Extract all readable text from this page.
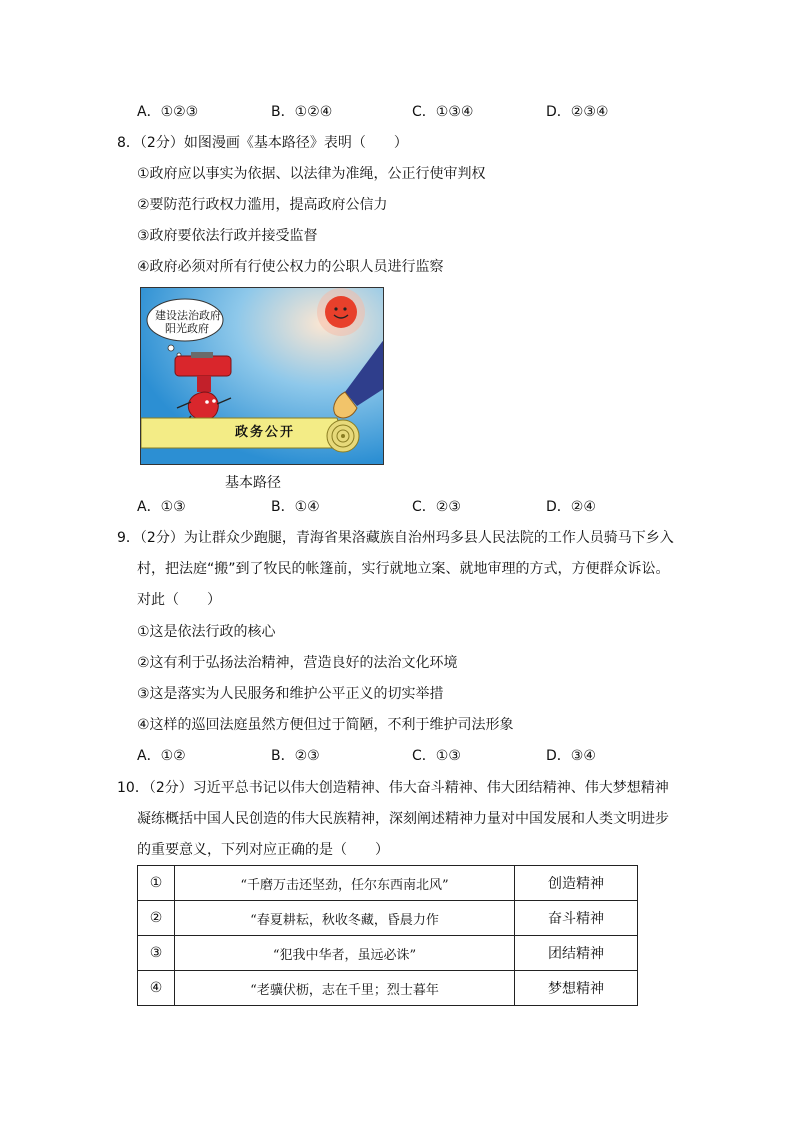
A．①②③	B．①②④	C．①③④	D．②③④
8．（2分）如图漫画《基本路径》表明（　　）
①政府应以事实为依据、以法律为准绳，公正行使审判权
②要防范行政权力滥用，提高政府公信力
③政府要依法行政并接受监督
④政府必须对所有行使公权力的公职人员进行监察
建设法治政府
阳光政府
政务公开
基本路径
A．①③	B．①④	C．②③	D．②④
9．（2分）为让群众少跑腿，青海省果洛藏族自治州玛多县人民法院的工作人员骑马下乡入
村，把法庭“搬”到了牧民的帐篷前，实行就地立案、就地审理的方式，方便群众诉讼。
对此（　　）
①这是依法行政的核心
②这有利于弘扬法治精神，营造良好的法治文化环境
③这是落实为人民服务和维护公平正义的切实举措
④这样的巡回法庭虽然方便但过于简陋，不利于维护司法形象
A．①②	B．②③	C．①③	D．③④
10．（2分）习近平总书记以伟大创造精神、伟大奋斗精神、伟大团结精神、伟大梦想精神
凝练概括中国人民创造的伟大民族精神，深刻阐述精神力量对中国发展和人类文明进步
的重要意义，下列对应正确的是（　　）
①	“千磨万击还坚劲，任尔东西南北风”	创造精神
②	“春夏耕耘，秋收冬藏，昏晨力作	奋斗精神
③	“犯我中华者，虽远必诛”	团结精神
④	“老骥伏枥，志在千里；烈士暮年	梦想精神
